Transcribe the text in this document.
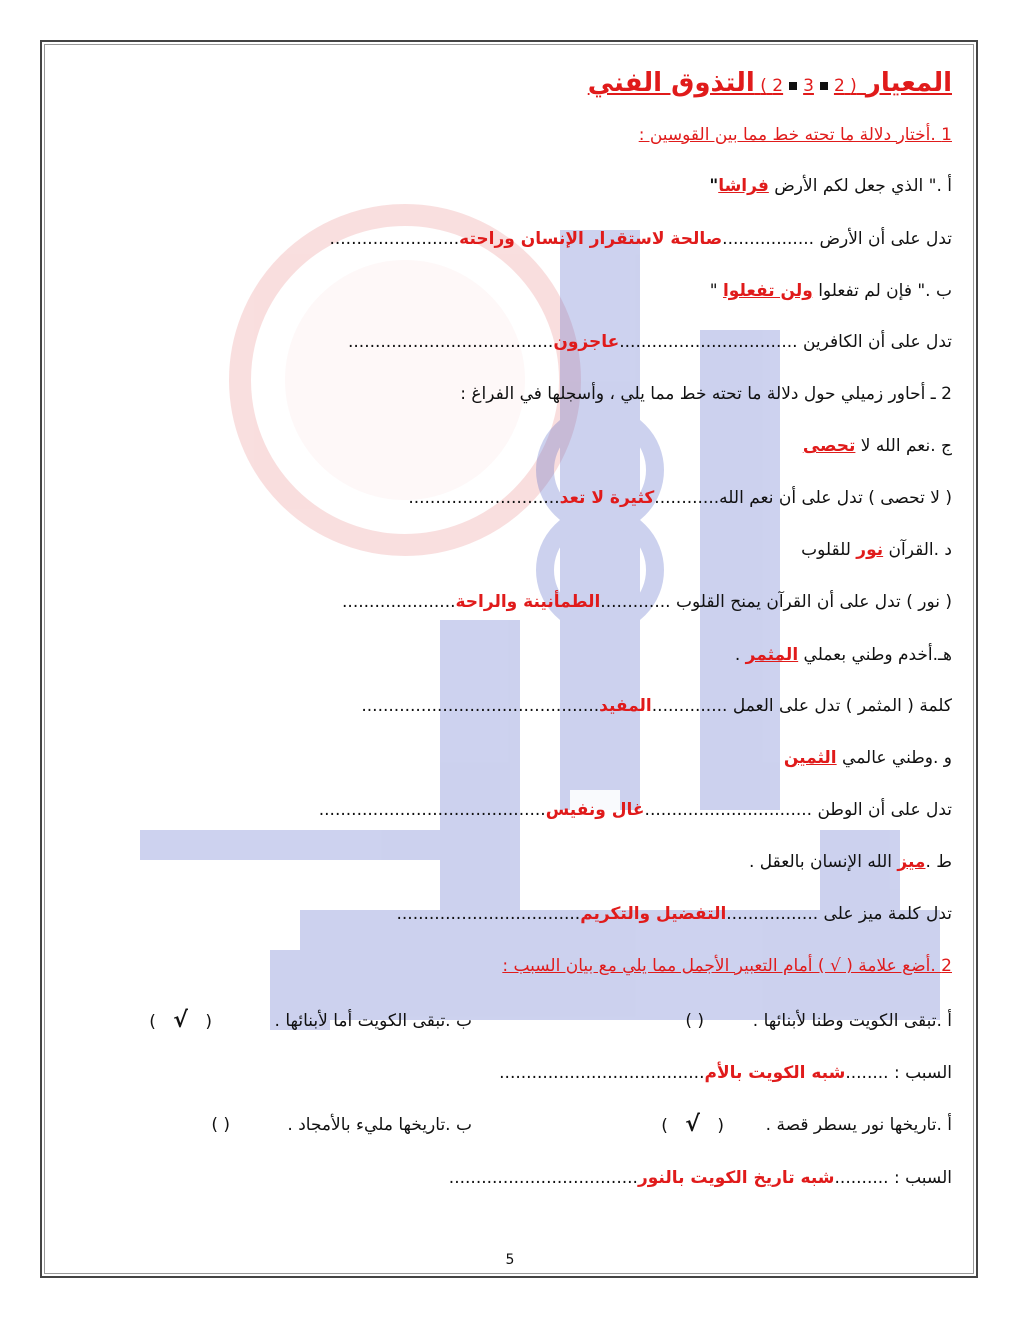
المعيار ( 232 ) التذوق الفني
1 .أختار دلالة ما تحته خط مما بين القوسين :
أ ." الذي جعل لكم الأرض فراشا"
تدل على أن الأرض .................صالحة لاستقرار الإنسان وراحته........................
ب ." فإن لم تفعلوا ولن تفعلوا "
تدل على أن الكافرين .................................عاجزون......................................
2 ـ أحاور زميلي حول دلالة ما تحته خط مما يلي ، وأسجلها في الفراغ :
ج .نعم الله لا تحصى
( لا تحصى ) تدل على أن نعم الله............كثيرة لا تعد............................
د .القرآن نور للقلوب
( نور ) تدل على أن القرآن يمنح القلوب .............الطمأنينة والراحة.....................
هـ.أخدم وطني بعملي المثمر .
كلمة ( المثمر ) تدل على العمل ..............المفيد............................................
و .وطني عالمي الثمين
تدل على أن الوطن ...............................غال ونفيس..........................................
ط .ميز الله الإنسان بالعقل .
تدل كلمة ميز على .................التفضيل والتكريم..................................
2 .أضع علامة ( √ ) أمام التعبير الأجمل مما يلي مع بيان السبب :
أ .تبقى الكويت وطنا لأبنائها .
( )
ب .تبقى الكويت أما لأبنائها .
( √ )
السبب : ........شبه الكويت بالأم......................................
أ .تاريخها نور يسطر قصة .
( √ )
ب .تاريخها مليء بالأمجاد .
( )
السبب : ..........شبه تاريخ الكويت بالنور...................................
5
